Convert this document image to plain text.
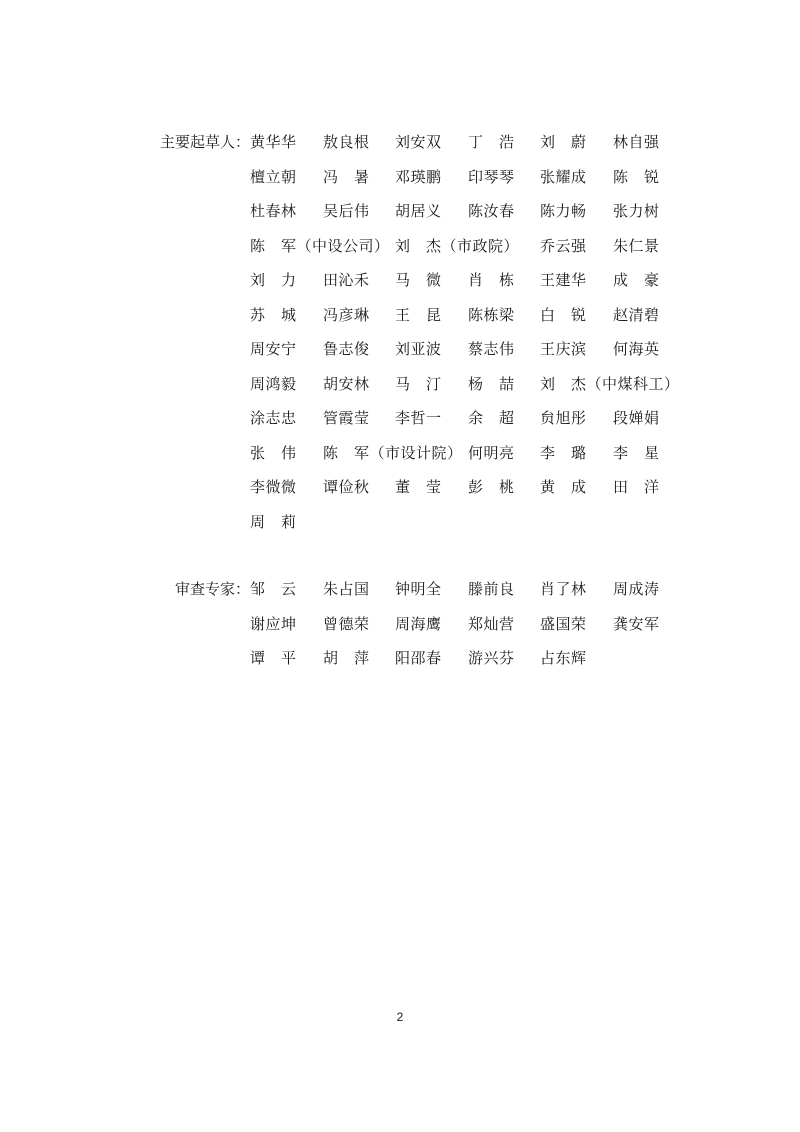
主要起草人： 黄华华 敖良根 刘安双 丁　浩 刘　蔚 林自强
檀立朝 冯　暑 邓瑛鹏 印琴琴 张耀成 陈　锐
杜春林 吴后伟 胡居义 陈汝春 陈力畅 张力树
陈　军（中设公司） 刘　杰（市政院） 乔云强 朱仁景
刘　力 田沁禾 马　微 肖　栋 王建华 成　豪
苏　城 冯彦琳 王　昆 陈栋梁 白　锐 赵清碧
周安宁 鲁志俊 刘亚波 蔡志伟 王庆滨 何海英
周鸿毅 胡安林 马　汀 杨　喆 刘　杰（中煤科工）
涂志忠 管霞莹 李哲一 余　超 贠旭彤 段婵娟
张　伟 陈　军（市设计院） 何明亮 李　璐 李　星
李微微 谭俭秋 董　莹 彭　桃 黄　成 田　洋
周　莉
审查专家： 邹　云 朱占国 钟明全 滕前良 肖了林 周成涛
谢应坤 曾德荣 周海鹰 郑灿营 盛国荣 龚安军
谭　平 胡　萍 阳邵春 游兴芬 占东辉
2
